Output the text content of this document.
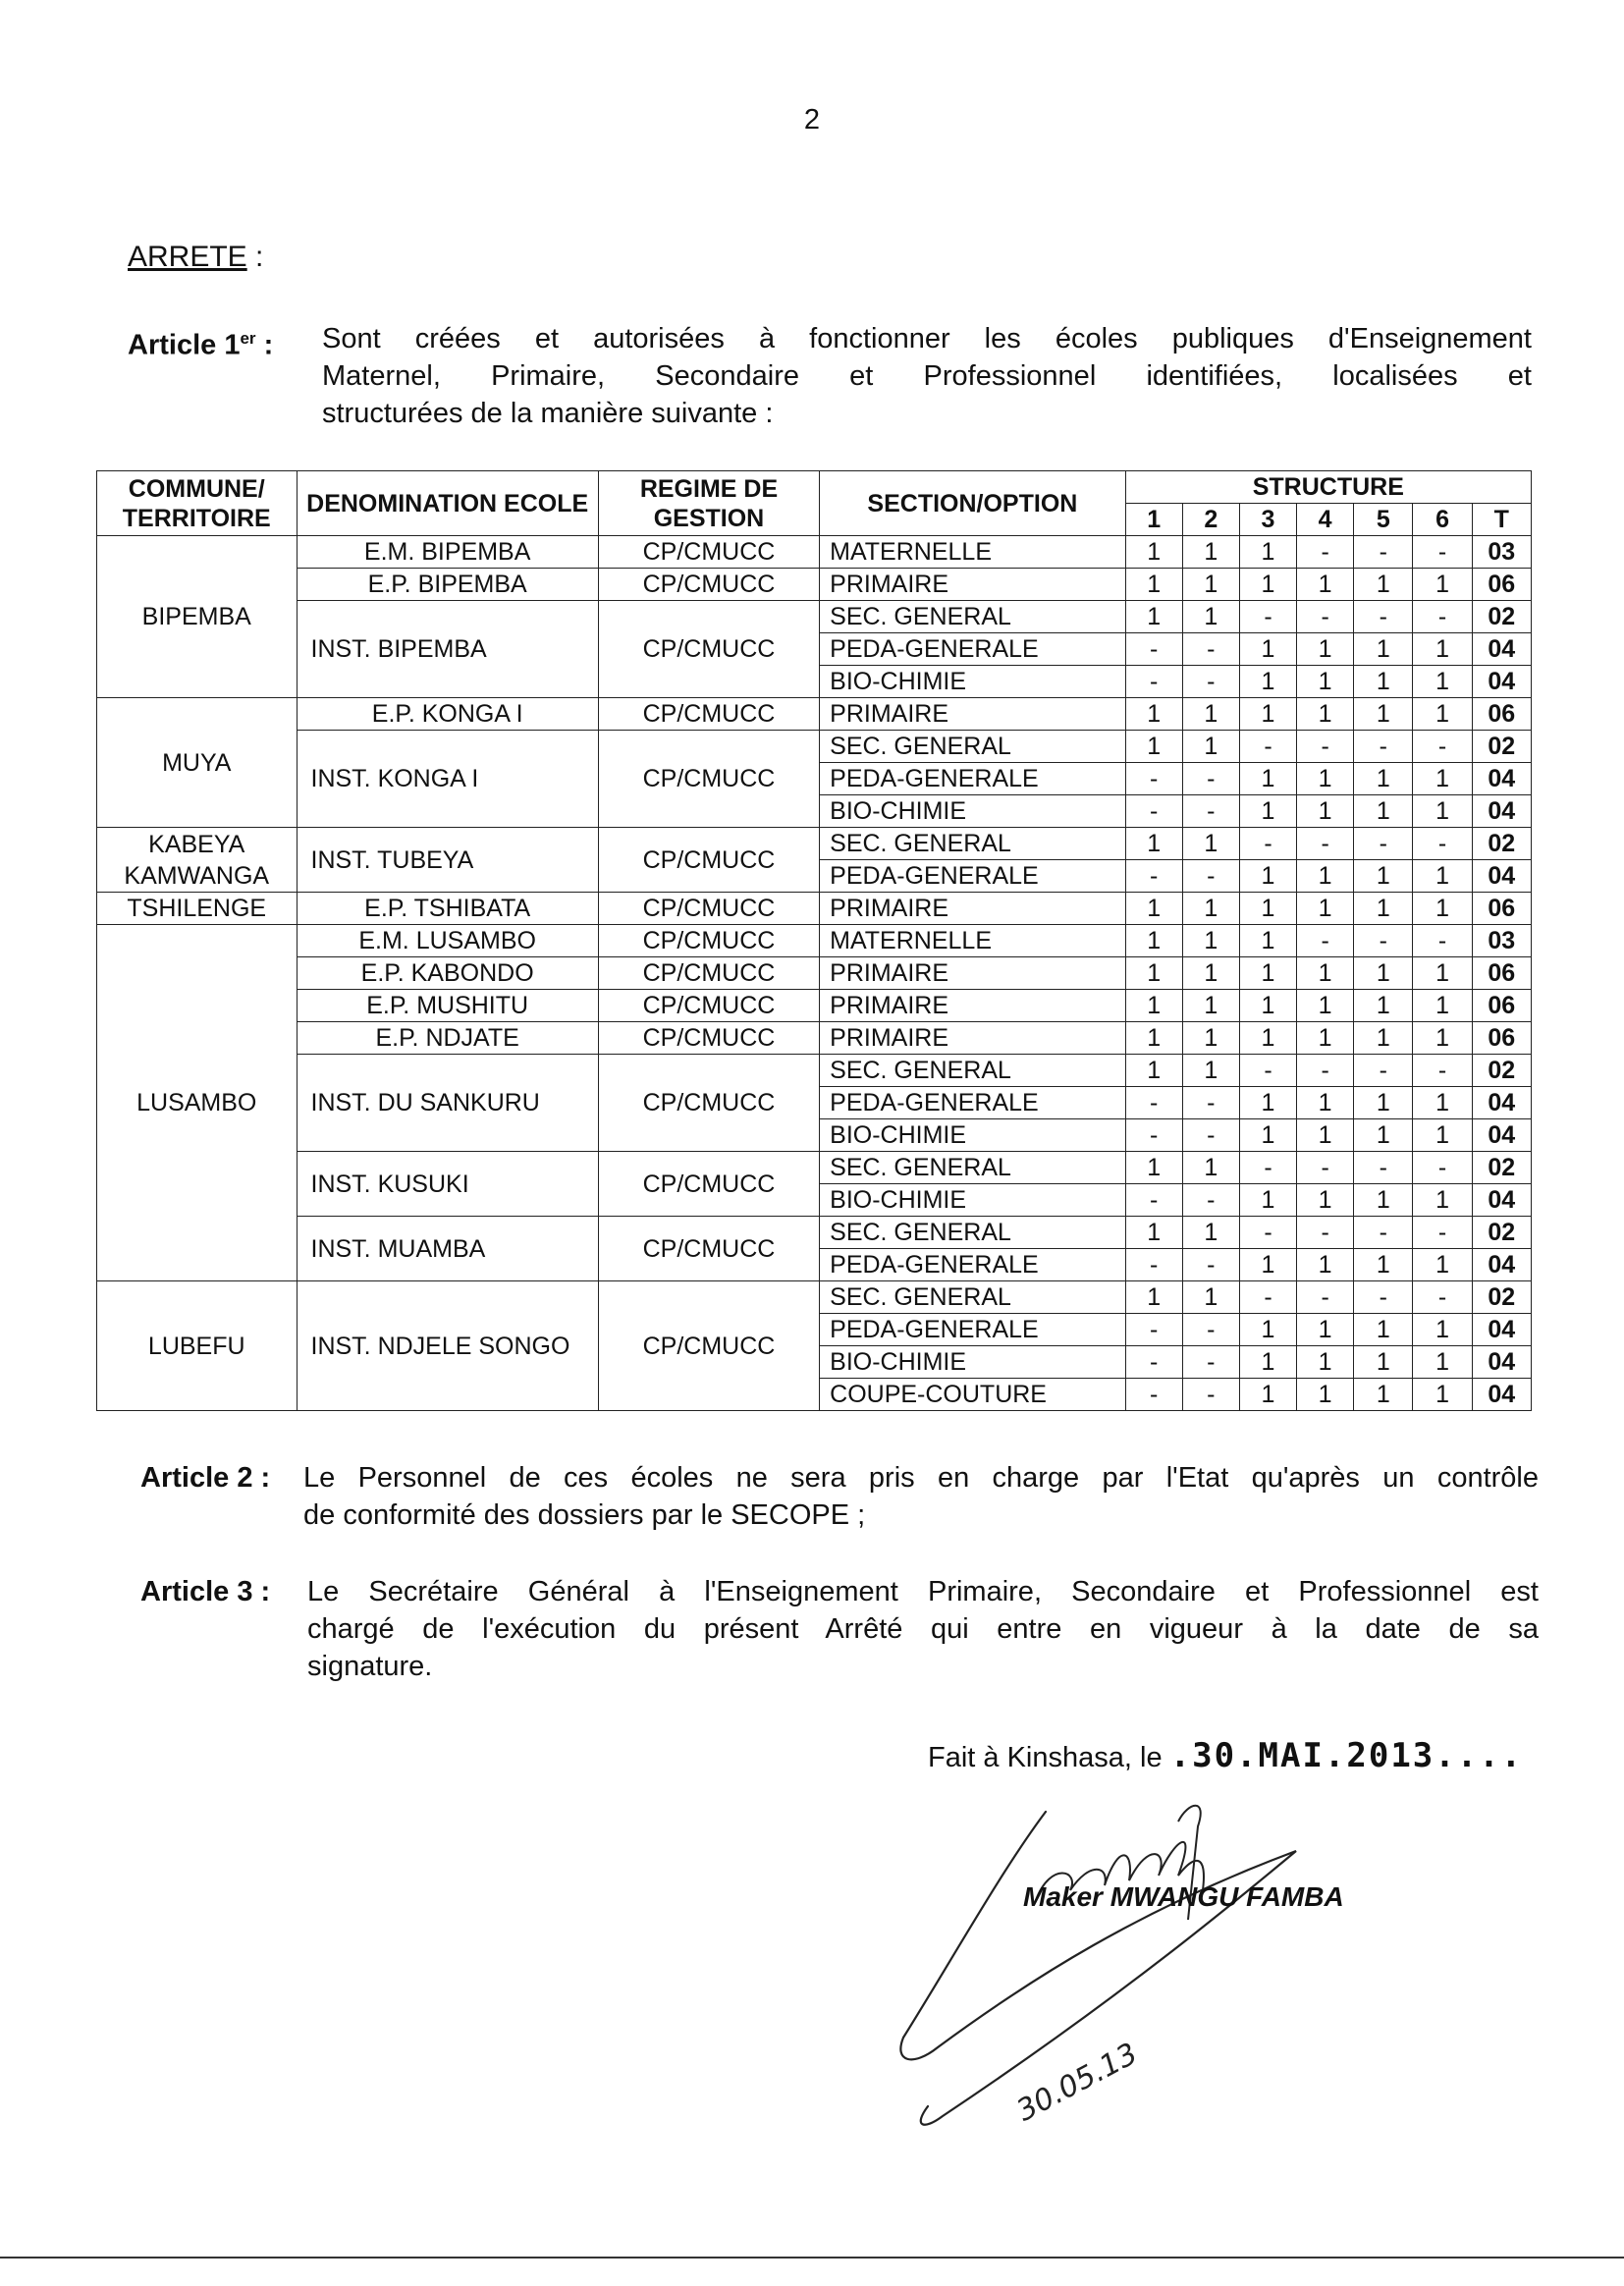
2
ARRETE :
Article 1er : Sont créées et autorisées à fonctionner les écoles publiques d'Enseignement
Maternel, Primaire, Secondaire et Professionnel identifiées, localisées et
structurées de la manière suivante :
COMMUNE/ TERRITOIRE	DENOMINATION ECOLE	REGIME DE GESTION	SECTION/OPTION	STRUCTURE						
				1	2	3	4	5	6	T
BIPEMBA	E.M. BIPEMBA	CP/CMUCC	MATERNELLE	1	1	1	-	-	-	03
	E.P. BIPEMBA	CP/CMUCC	PRIMAIRE	1	1	1	1	1	1	06
	INST. BIPEMBA	CP/CMUCC	SEC. GENERAL	1	1	-	-	-	-	02
			PEDA-GENERALE	-	-	1	1	1	1	04
			BIO-CHIMIE	-	-	1	1	1	1	04
MUYA	E.P. KONGA I	CP/CMUCC	PRIMAIRE	1	1	1	1	1	1	06
	INST. KONGA I	CP/CMUCC	SEC. GENERAL	1	1	-	-	-	-	02
			PEDA-GENERALE	-	-	1	1	1	1	04
			BIO-CHIMIE	-	-	1	1	1	1	04
KABEYA KAMWANGA	INST. TUBEYA	CP/CMUCC	SEC. GENERAL	1	1	-	-	-	-	02
			PEDA-GENERALE	-	-	1	1	1	1	04
TSHILENGE	E.P. TSHIBATA	CP/CMUCC	PRIMAIRE	1	1	1	1	1	1	06
LUSAMBO	E.M. LUSAMBO	CP/CMUCC	MATERNELLE	1	1	1	-	-	-	03
	E.P. KABONDO	CP/CMUCC	PRIMAIRE	1	1	1	1	1	1	06
	E.P. MUSHITU	CP/CMUCC	PRIMAIRE	1	1	1	1	1	1	06
	E.P. NDJATE	CP/CMUCC	PRIMAIRE	1	1	1	1	1	1	06
	INST. DU SANKURU	CP/CMUCC	SEC. GENERAL	1	1	-	-	-	-	02
			PEDA-GENERALE	-	-	1	1	1	1	04
			BIO-CHIMIE	-	-	1	1	1	1	04
	INST. KUSUKI	CP/CMUCC	SEC. GENERAL	1	1	-	-	-	-	02
			BIO-CHIMIE	-	-	1	1	1	1	04
	INST. MUAMBA	CP/CMUCC	SEC. GENERAL	1	1	-	-	-	-	02
			PEDA-GENERALE	-	-	1	1	1	1	04
LUBEFU	INST. NDJELE SONGO	CP/CMUCC	SEC. GENERAL	1	1	-	-	-	-	02
			PEDA-GENERALE	-	-	1	1	1	1	04
			BIO-CHIMIE	-	-	1	1	1	1	04
			COUPE-COUTURE	-	-	1	1	1	1	04
Article 2 : Le Personnel de ces écoles ne sera pris en charge par l'Etat qu'après un contrôle
de conformité des dossiers par le SECOPE ;
Article 3 : Le Secrétaire Général à l'Enseignement Primaire, Secondaire et Professionnel est
chargé de l'exécution du présent Arrêté qui entre en vigueur à la date de sa
signature.
Fait à Kinshasa, le .30.MAI.2013....
30.05.13
Maker MWANGU FAMBA
